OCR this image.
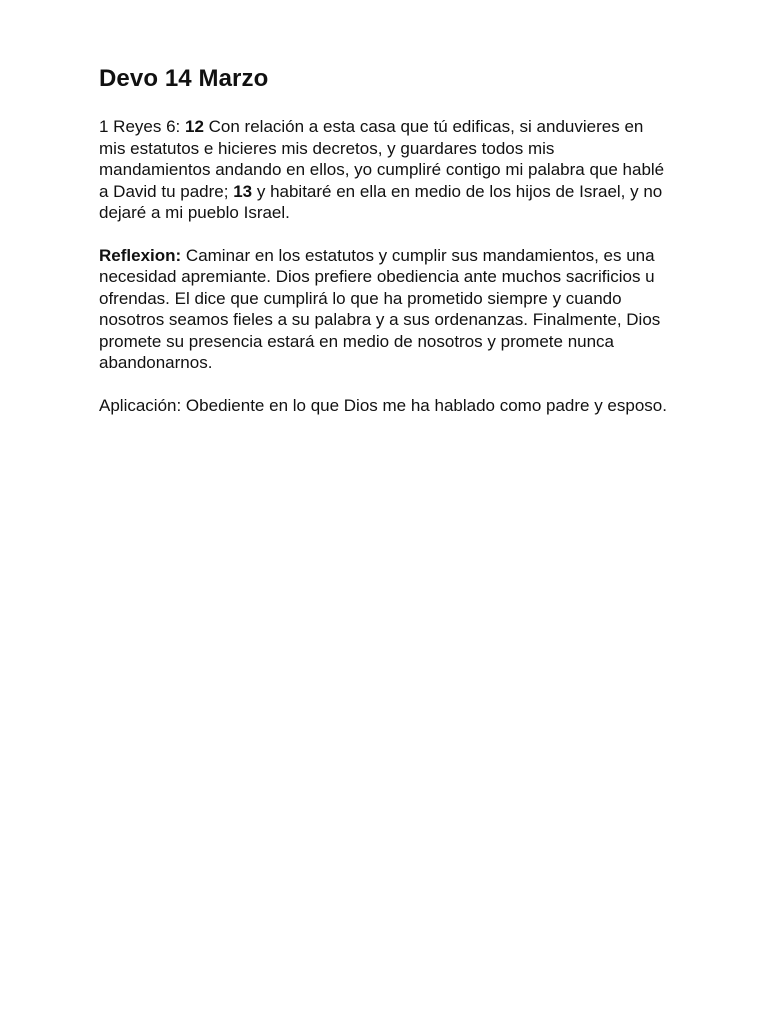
Devo 14 Marzo

1 Reyes 6: 12 Con relación a esta casa que tú edificas, si anduvieres en mis estatutos e hicieres mis decretos, y guardares todos mis mandamientos andando en ellos, yo cumpliré contigo mi palabra que hablé a David tu padre; 13 y habitaré en ella en medio de los hijos de Israel, y no dejaré a mi pueblo Israel.

Reflexion: Caminar en los estatutos y cumplir sus mandamientos, es una necesidad apremiante. Dios prefiere obediencia ante muchos sacrificios u ofrendas. El dice que cumplirá lo que ha prometido siempre y cuando nosotros seamos fieles a su palabra y a sus ordenanzas. Finalmente, Dios promete su presencia estará en medio de nosotros y promete nunca abandonarnos.

Aplicación: Obediente en lo que Dios me ha hablado como padre y esposo.
